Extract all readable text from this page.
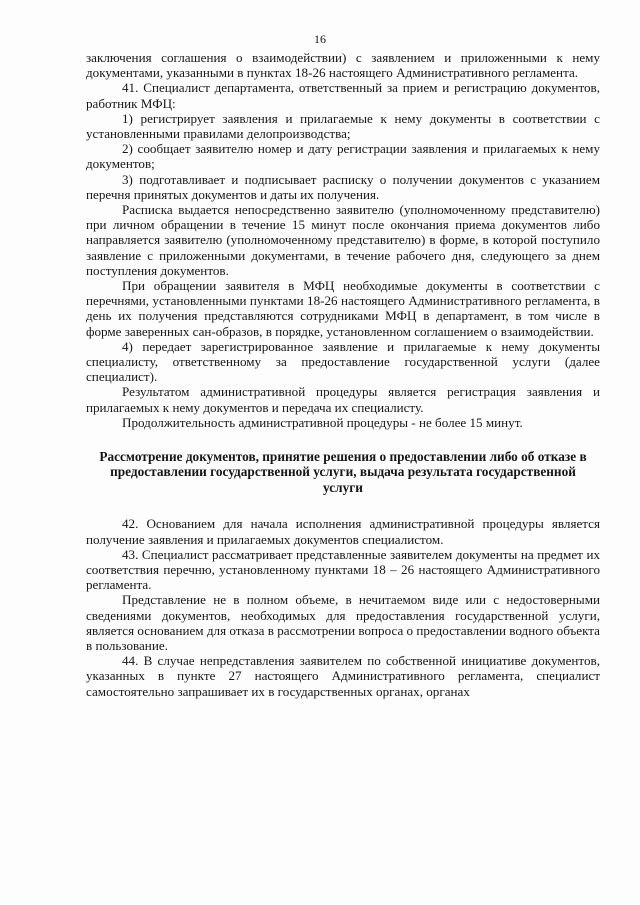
16

заключения соглашения о взаимодействии) с заявлением и приложенными к нему документами, указанными в пунктах 18-26 настоящего Административного регламента.

41. Специалист департамента, ответственный за прием и регистрацию документов, работник МФЦ:

1) регистрирует заявления и прилагаемые к нему документы в соответствии с установленными правилами делопроизводства;

2) сообщает заявителю номер и дату регистрации заявления и прилагаемых к нему документов;

3) подготавливает и подписывает расписку о получении документов с указанием перечня принятых документов и даты их получения.

Расписка выдается непосредственно заявителю (уполномоченному представителю) при личном обращении в течение 15 минут после окончания приема документов либо направляется заявителю (уполномоченному представителю) в форме, в которой поступило заявление с приложенными документами, в течение рабочего дня, следующего за днем поступления документов.

При обращении заявителя в МФЦ необходимые документы в соответствии с перечнями, установленными пунктами 18-26 настоящего Административного регламента, в день их получения представляются сотрудниками МФЦ в департамент, в том числе в форме заверенных сан-образов, в порядке, установленном соглашением о взаимодействии.

4) передает зарегистрированное заявление и прилагаемые к нему документы специалисту, ответственному за предоставление государственной услуги (далее специалист).

Результатом административной процедуры является регистрация заявления и прилагаемых к нему документов и передача их специалисту.

Продолжительность административной процедуры - не более 15 минут.

Рассмотрение документов, принятие решения о предоставлении либо об отказе в предоставлении государственной услуги, выдача результата государственной услуги

42. Основанием для начала исполнения административной процедуры является получение заявления и прилагаемых документов специалистом.

43. Специалист рассматривает представленные заявителем документы на предмет их соответствия перечню, установленному пунктами 18 – 26 настоящего Административного регламента.

Представление не в полном объеме, в нечитаемом виде или с недостоверными сведениями документов, необходимых для предоставления государственной услуги, является основанием для отказа в рассмотрении вопроса о предоставлении водного объекта в пользование.

44. В случае непредставления заявителем по собственной инициативе документов, указанных в пункте 27 настоящего Административного регламента, специалист самостоятельно запрашивает их в государственных органах, органах
